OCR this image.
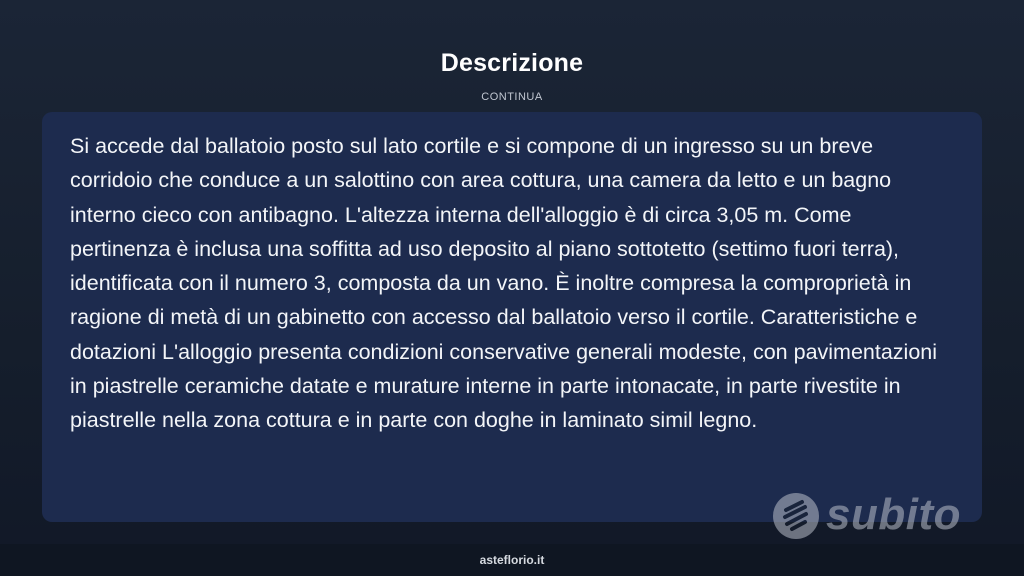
Descrizione
CONTINUA

Si accede dal ballatoio posto sul lato cortile e si compone di un ingresso su un breve corridoio che conduce a un salottino con area cottura, una camera da letto e un bagno interno cieco con antibagno. L'altezza interna dell'alloggio è di circa 3,05 m. Come pertinenza è inclusa una soffitta ad uso deposito al piano sottotetto (settimo fuori terra), identificata con il numero 3, composta da un vano. È inoltre compresa la comproprietà in ragione di metà di un gabinetto con accesso dal ballatoio verso il cortile. Caratteristiche e dotazioni L'alloggio presenta condizioni conservative generali modeste, con pavimentazioni in piastrelle ceramiche datate e murature interne in parte intonacate, in parte rivestite in piastrelle nella zona cottura e in parte con doghe in laminato simil legno.

subito
asteflorio.it
